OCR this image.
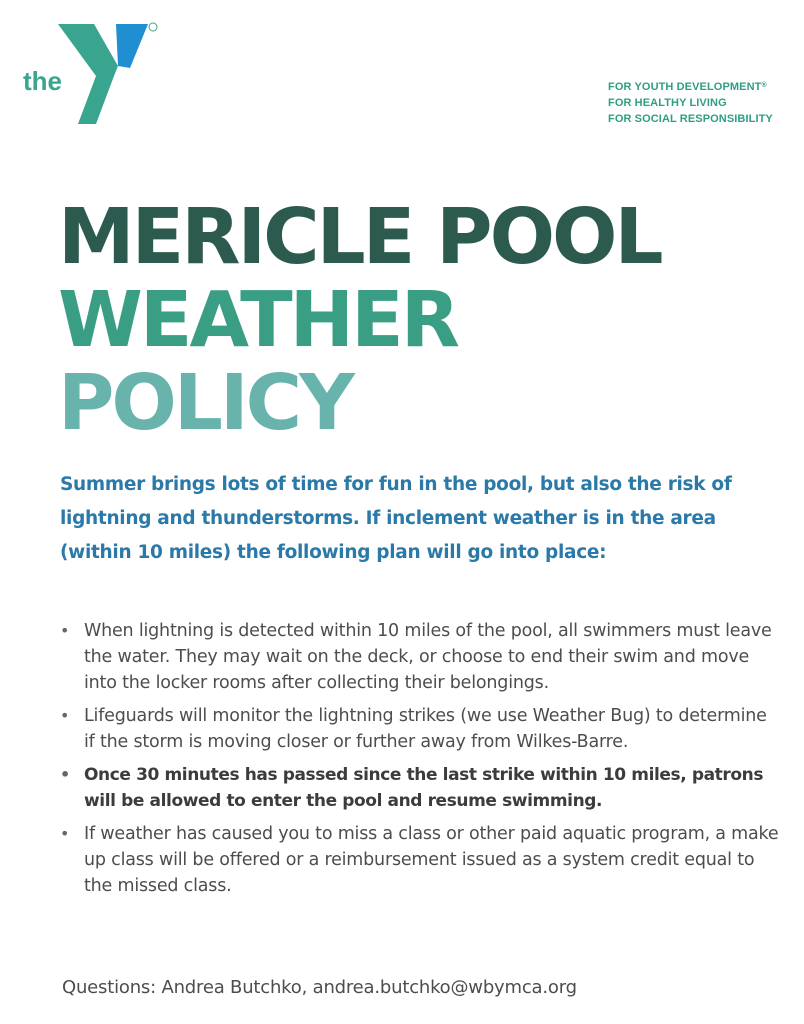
the	YMCA	FOR YOUTH DEVELOPMENT®
FOR HEALTHY LIVING
FOR SOCIAL RESPONSIBILITY
MERICLE POOL
WEATHER
POLICY
Summer brings lots of time for fun in the pool, but also the risk of
lightning and thunderstorms. If inclement weather is in the area
(within 10 miles) the following plan will go into place:
• When lightning is detected within 10 miles of the pool, all swimmers must leave the water. They may wait on the deck, or choose to end their swim and move into the locker rooms after collecting their belongings.
• Lifeguards will monitor the lightning strikes (we use Weather Bug) to determine if the storm is moving closer or further away from Wilkes-Barre.
• Once 30 minutes has passed since the last strike within 10 miles, patrons will be allowed to enter the pool and resume swimming.
• If weather has caused you to miss a class or other paid aquatic program, a make up class will be offered or a reimbursement issued as a system credit equal to the missed class.
Questions: Andrea Butchko, andrea.butchko@wbymca.org
